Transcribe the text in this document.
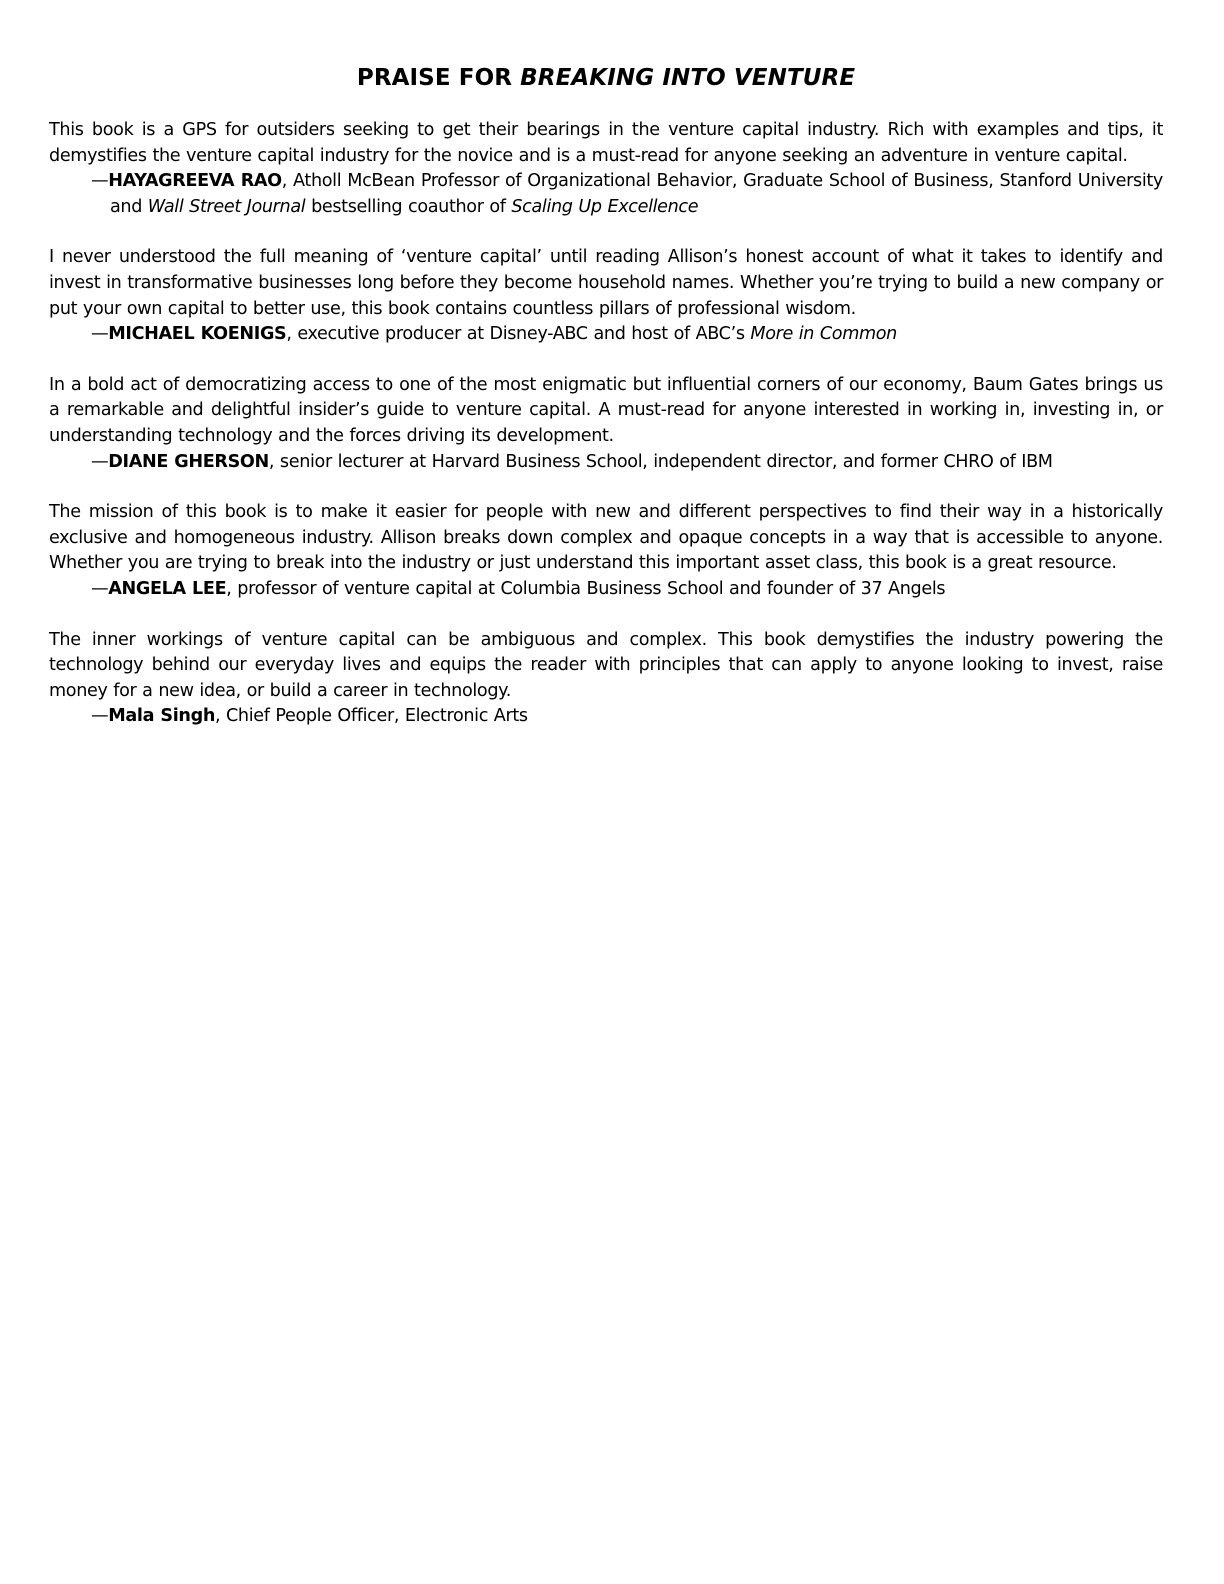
PRAISE FOR BREAKING INTO VENTURE

This book is a GPS for outsiders seeking to get their bearings in the venture capital industry. Rich with examples and tips, it demystifies the venture capital industry for the novice and is a must-read for anyone seeking an adventure in venture capital.

—HAYAGREEVA RAO, Atholl McBean Professor of Organizational Behavior, Graduate School of Business, Stanford University and Wall Street Journal bestselling coauthor of Scaling Up Excellence

I never understood the full meaning of ‘venture capital’ until reading Allison’s honest account of what it takes to identify and invest in transformative businesses long before they become household names. Whether you’re trying to build a new company or put your own capital to better use, this book contains countless pillars of professional wisdom.

—MICHAEL KOENIGS, executive producer at Disney-ABC and host of ABC’s More in Common

In a bold act of democratizing access to one of the most enigmatic but influential corners of our economy, Baum Gates brings us a remarkable and delightful insider’s guide to venture capital. A must-read for anyone interested in working in, investing in, or understanding technology and the forces driving its development.

—DIANE GHERSON, senior lecturer at Harvard Business School, independent director, and former CHRO of IBM

The mission of this book is to make it easier for people with new and different perspectives to find their way in a historically exclusive and homogeneous industry. Allison breaks down complex and opaque concepts in a way that is accessible to anyone. Whether you are trying to break into the industry or just understand this important asset class, this book is a great resource.

—ANGELA LEE, professor of venture capital at Columbia Business School and founder of 37 Angels

The inner workings of venture capital can be ambiguous and complex. This book demystifies the industry powering the technology behind our everyday lives and equips the reader with principles that can apply to anyone looking to invest, raise money for a new idea, or build a career in technology.

—Mala Singh, Chief People Officer, Electronic Arts
